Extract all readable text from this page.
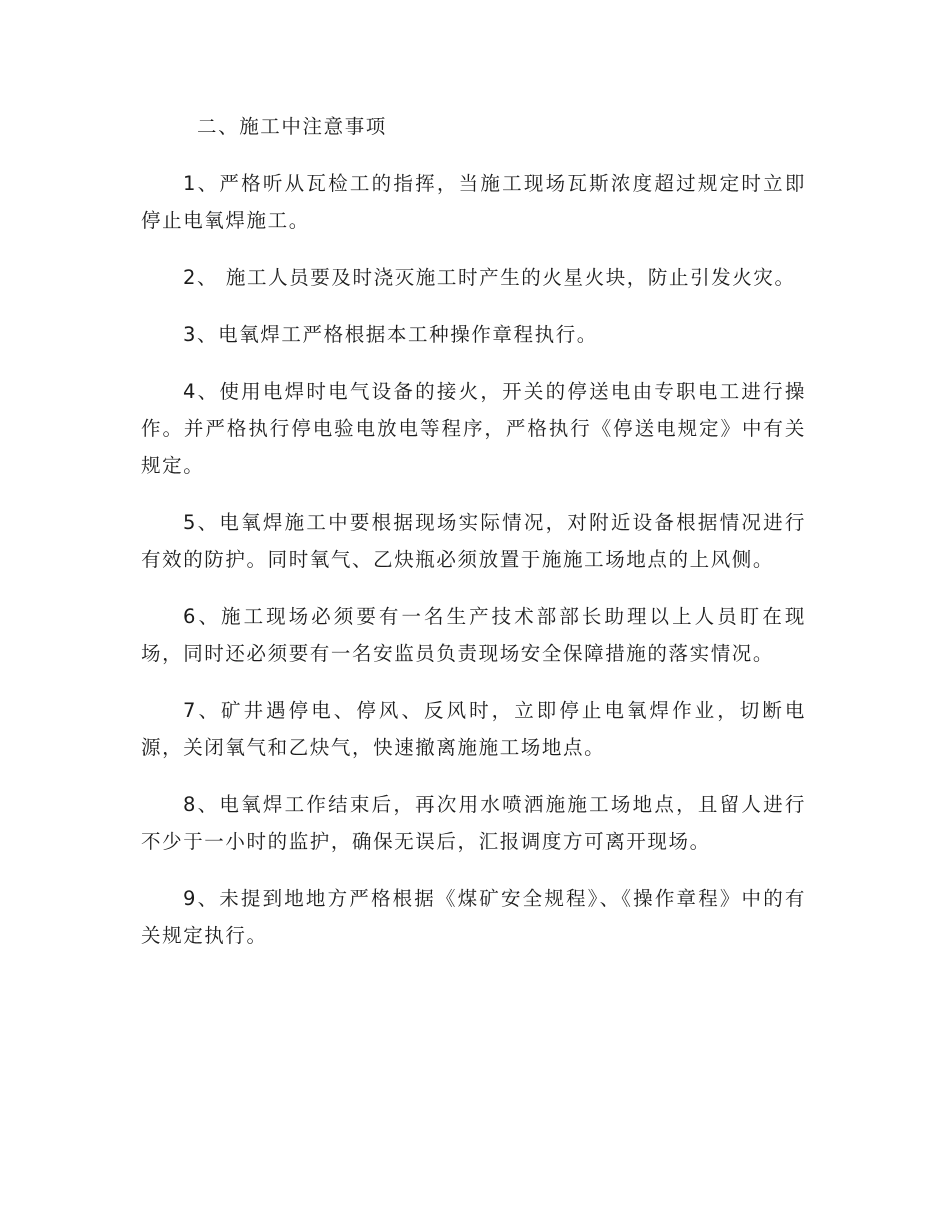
二、施工中注意事项

1、严格听从瓦检工的指挥，当施工现场瓦斯浓度超过规定时立即停止电氧焊施工。

2、 施工人员要及时浇灭施工时产生的火星火块，防止引发火灾。

3、电氧焊工严格根据本工种操作章程执行。

4、使用电焊时电气设备的接火，开关的停送电由专职电工进行操作。并严格执行停电验电放电等程序，严格执行《停送电规定》中有关规定。

5、电氧焊施工中要根据现场实际情况，对附近设备根据情况进行有效的防护。同时氧气、乙炔瓶必须放置于施施工场地点的上风侧。

6、施工现场必须要有一名生产技术部部长助理以上人员盯在现场，同时还必须要有一名安监员负责现场安全保障措施的落实情况。

7、矿井遇停电、停风、反风时，立即停止电氧焊作业，切断电源，关闭氧气和乙炔气，快速撤离施施工场地点。

8、电氧焊工作结束后，再次用水喷洒施施工场地点，且留人进行不少于一小时的监护，确保无误后，汇报调度方可离开现场。

9、未提到地地方严格根据《煤矿安全规程》、《操作章程》中的有关规定执行。
